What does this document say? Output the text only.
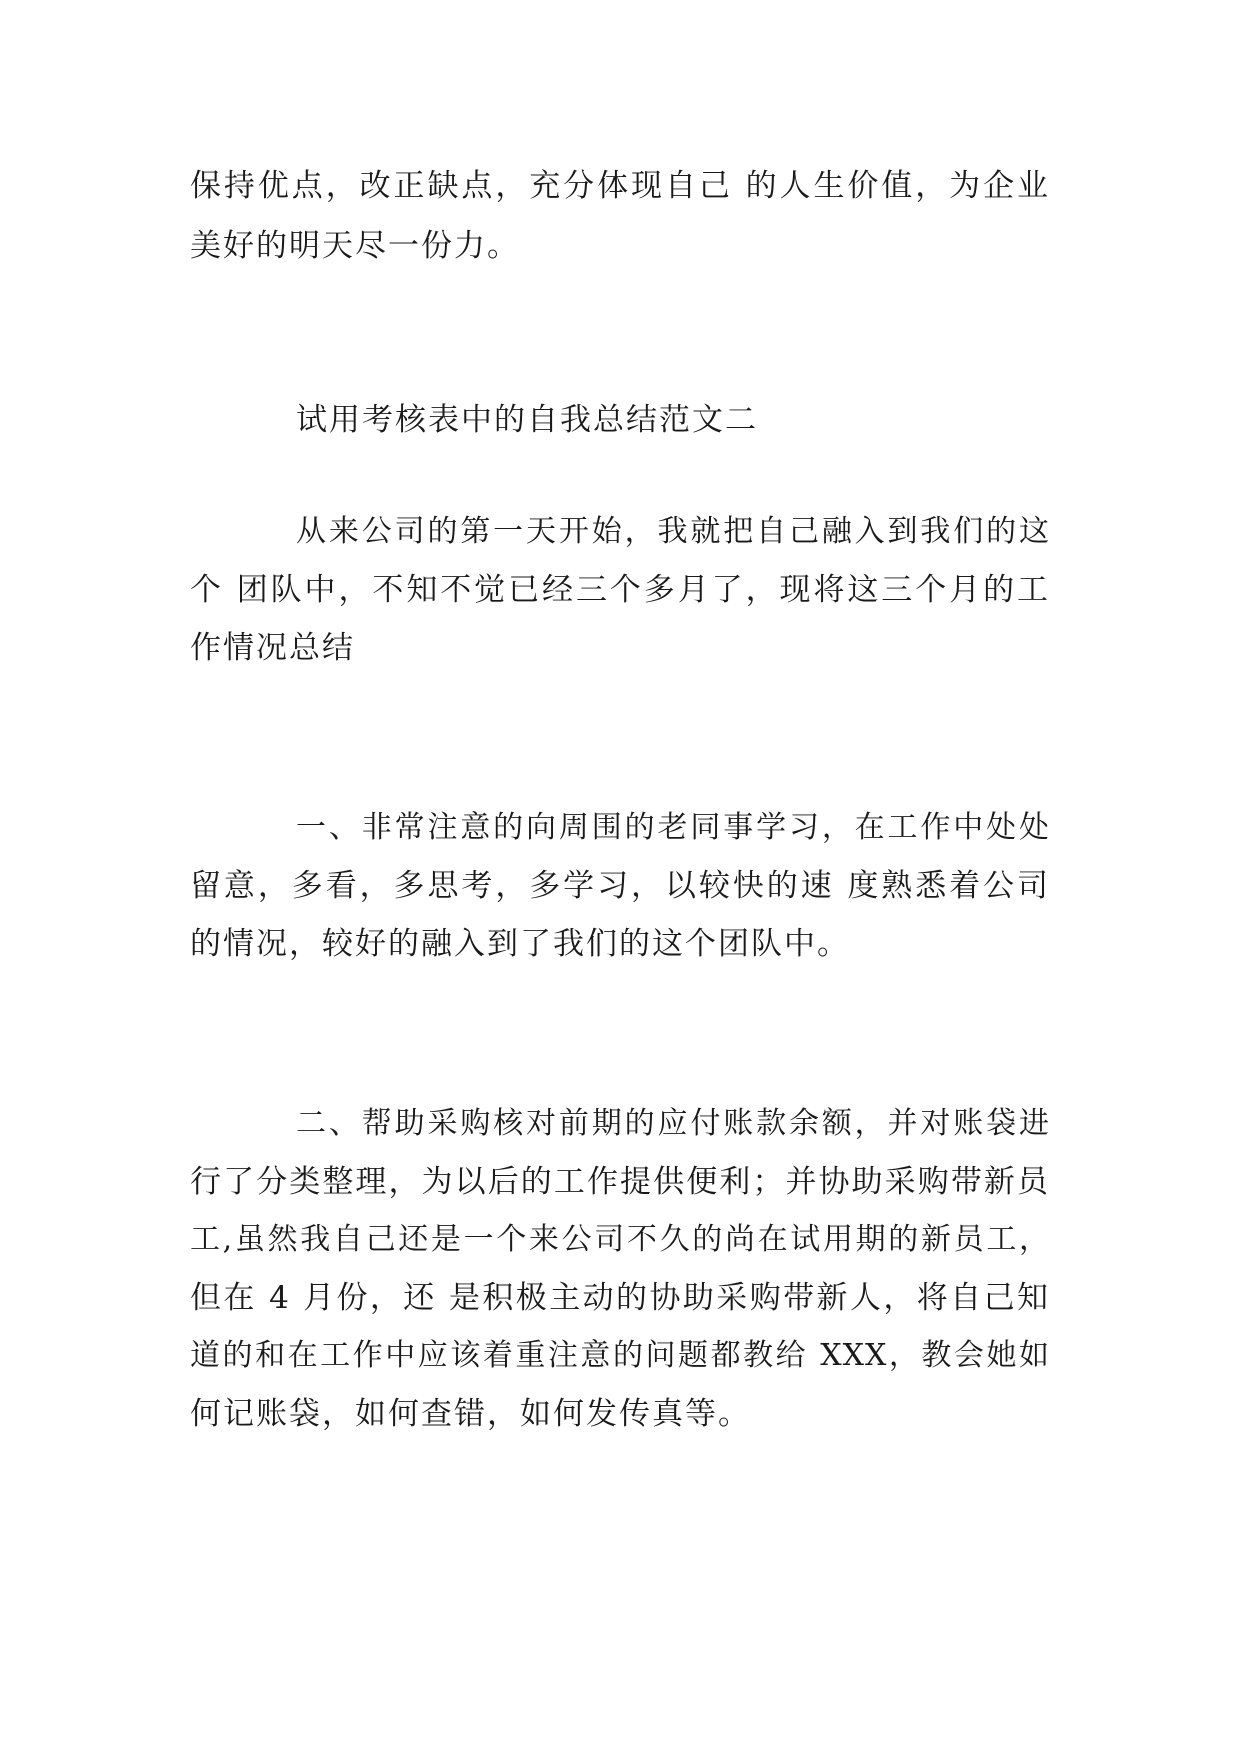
保持优点，改正缺点，充分体现自己 的人生价值，为企业
美好的明天尽一份力。
试用考核表中的自我总结范文二
从来公司的第一天开始，我就把自己融入到我们的这
个 团队中，不知不觉已经三个多月了，现将这三个月的工
作情况总结
一、非常注意的向周围的老同事学习，在工作中处处
留意，多看，多思考，多学习，以较快的速 度熟悉着公司
的情况，较好的融入到了我们的这个团队中。
二、帮助采购核对前期的应付账款余额，并对账袋进
行了分类整理，为以后的工作提供便利；并协助采购带新员
工,虽然我自己还是一个来公司不久的尚在试用期的新员工，
但在 4 月份，还 是积极主动的协助采购带新人，将自己知
道的和在工作中应该着重注意的问题都教给 XXX，教会她如
何记账袋，如何查错，如何发传真等。
